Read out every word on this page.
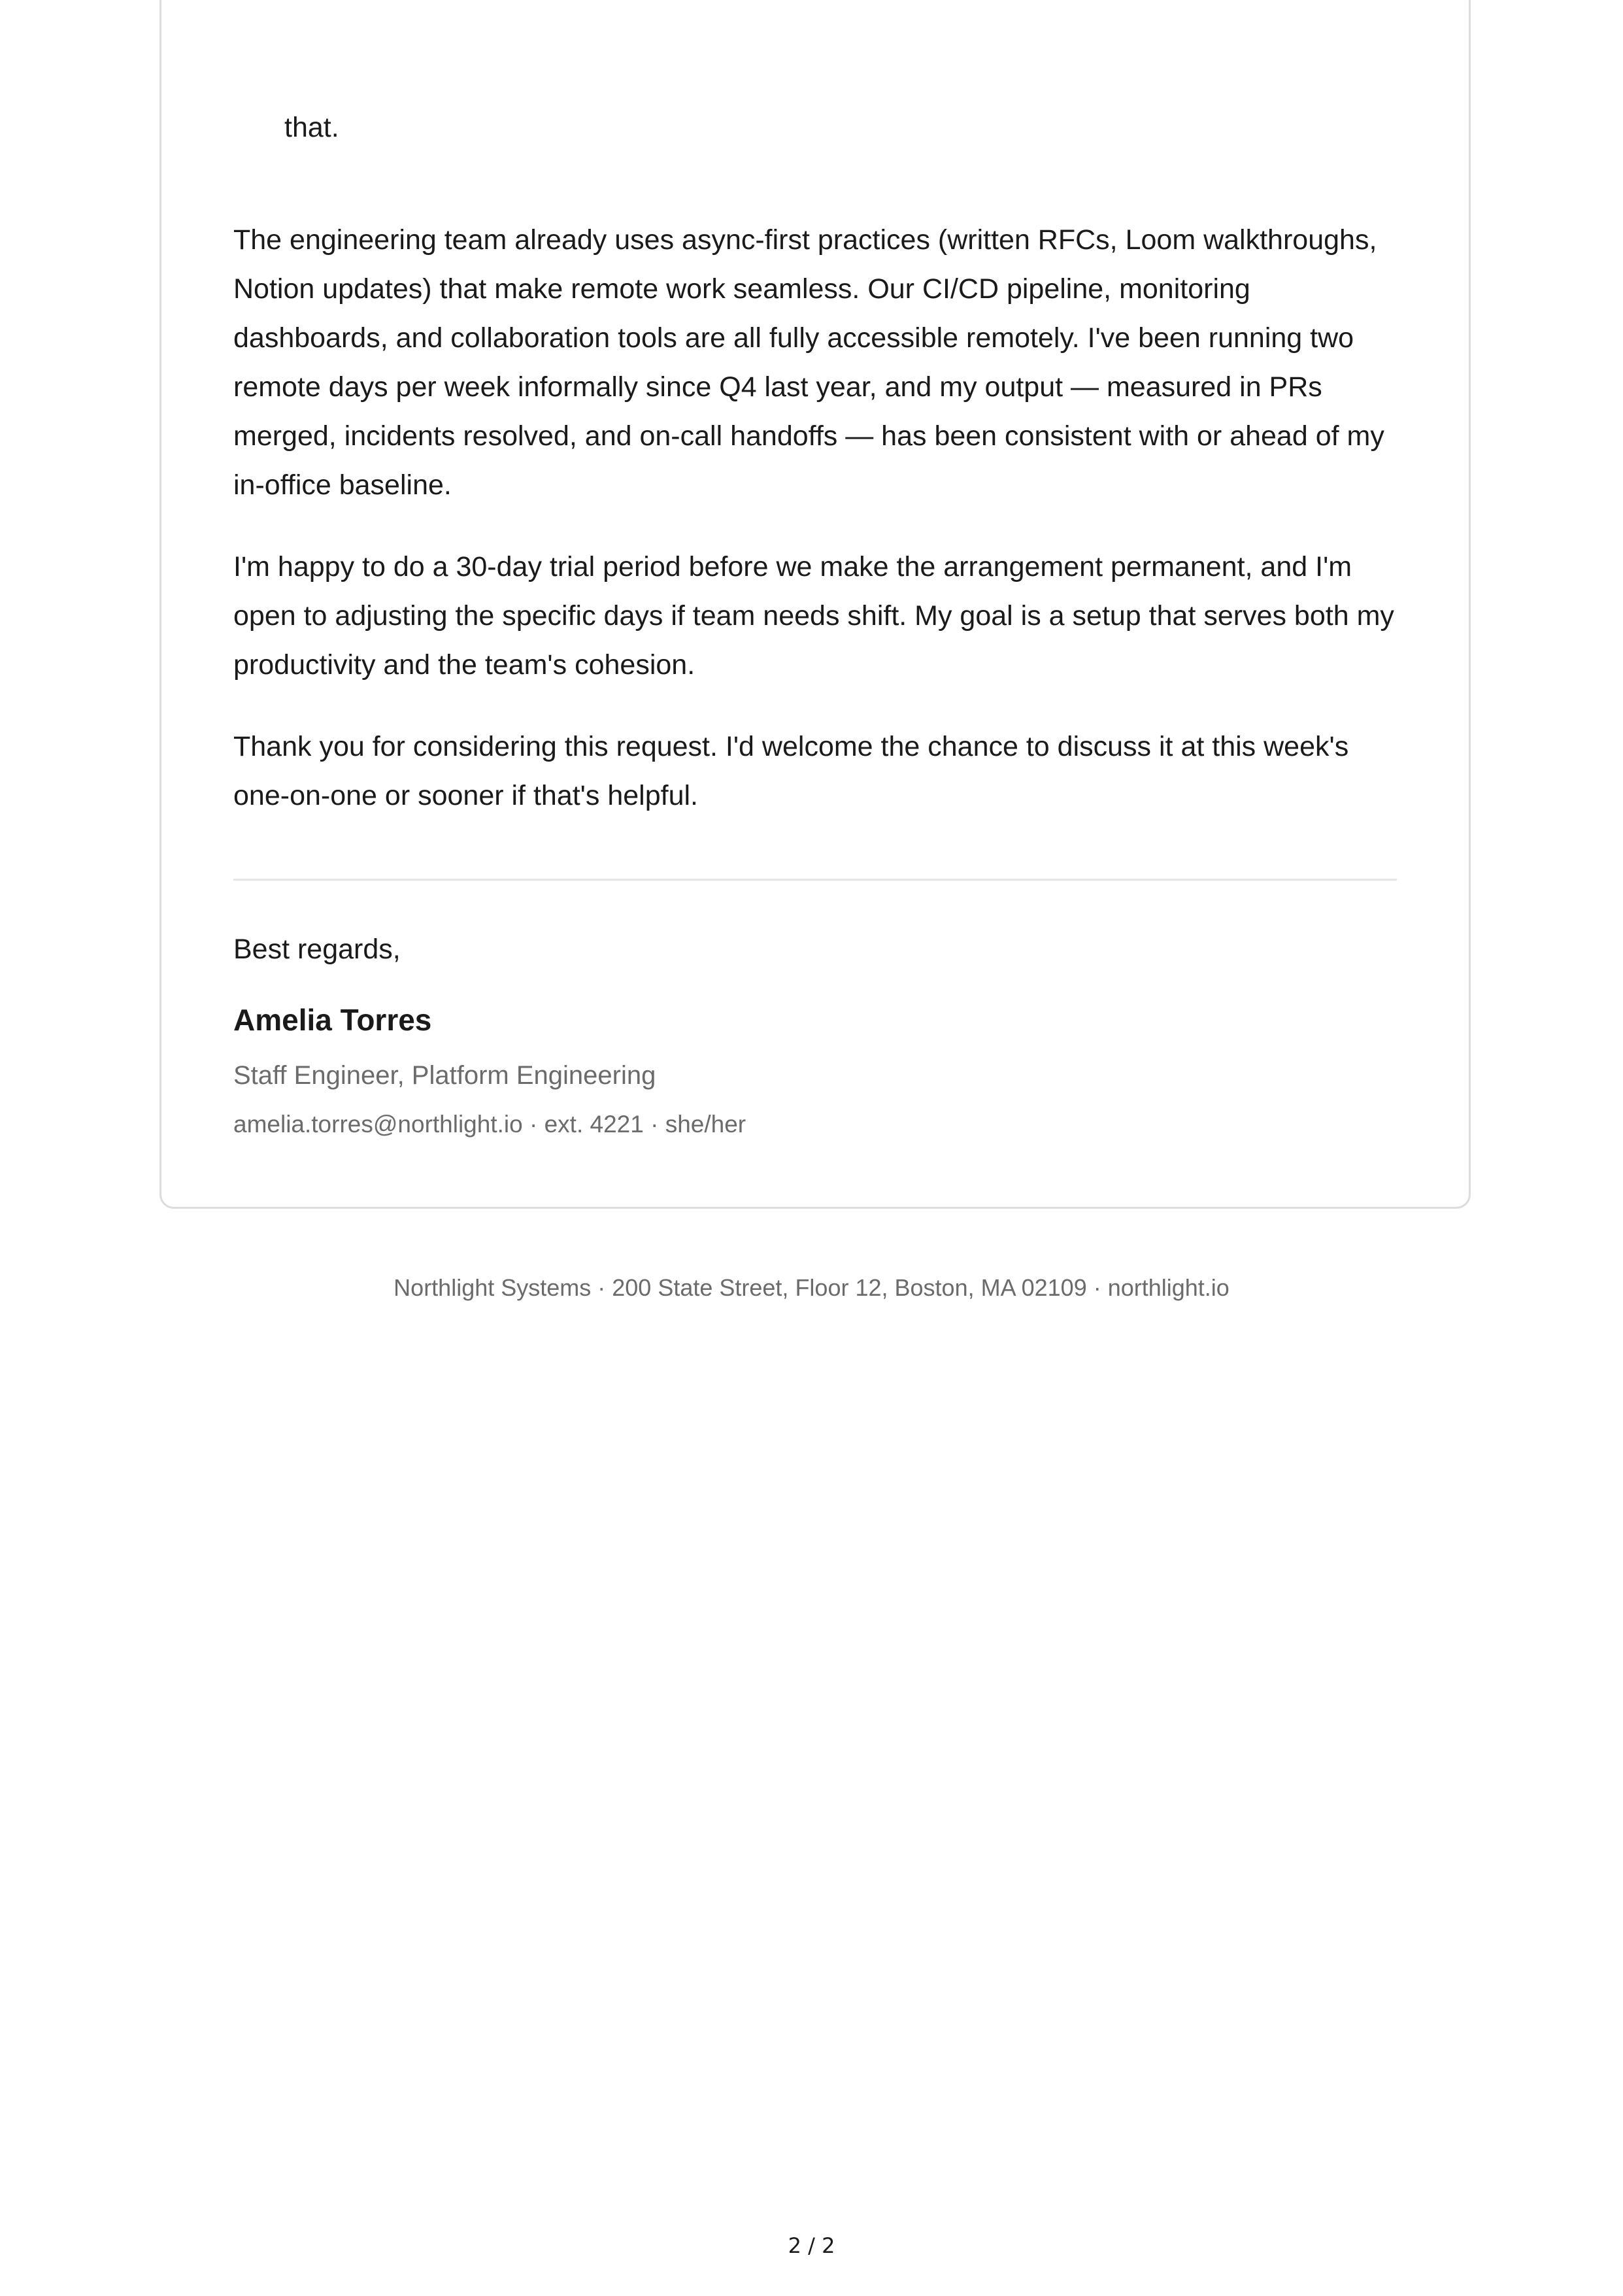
that.

The engineering team already uses async-first practices (written RFCs, Loom walkthroughs, Notion updates) that make remote work seamless. Our CI/CD pipeline, monitoring dashboards, and collaboration tools are all fully accessible remotely. I've been running two remote days per week informally since Q4 last year, and my output — measured in PRs merged, incidents resolved, and on-call handoffs — has been consistent with or ahead of my in-office baseline.

I'm happy to do a 30-day trial period before we make the arrangement permanent, and I'm open to adjusting the specific days if team needs shift. My goal is a setup that serves both my productivity and the team's cohesion.

Thank you for considering this request. I'd welcome the chance to discuss it at this week's one-on-one or sooner if that's helpful.

Best regards,
Amelia Torres
Staff Engineer, Platform Engineering
amelia.torres@northlight.io · ext. 4221 · she/her
Northlight Systems · 200 State Street, Floor 12, Boston, MA 02109 · northlight.io
2 / 2
